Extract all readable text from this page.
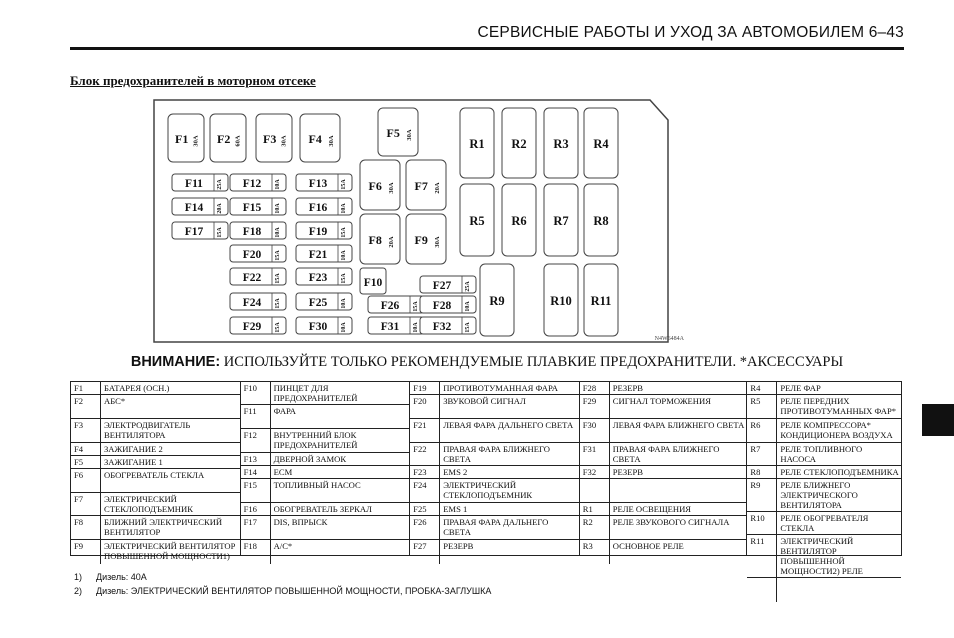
СЕРВИСНЫЕ РАБОТЫ И УХОД ЗА АВТОМОБИЛЕМ 6–43
Блок предохранителей в моторном отсеке
F1 30A F2 60A F3 30A F4 30A
F5 30A
F6 30A F7 20A
F8 20A F9 30A
F11 25A F12 10A F13 15A
F14 20A F15 10A F16 10A
F17 15A F18 10A F19 15A
F20 15A F21 10A
F22 15A F23 15A
F24 15A F25 10A
F29 15A F30 10A
F26 15A
F27 25A
F28 10A
F31 10A F32 15A
F10
R1 R2 R3 R4
R5 R6 R7 R8
R9	R10 R11
N4W6484A
ВНИМАНИЕ: ИСПОЛЬЗУЙТЕ ТОЛЬКО РЕКОМЕНДУЕМЫЕ ПЛАВКИЕ ПРЕДОХРАНИТЕЛИ. *АКСЕССУАРЫ
F1	БАТАРЕЯ (ОСН.)
F2	АБС*
F3	ЭЛЕКТРОДВИГАТЕЛЬ ВЕНТИЛЯТОРА
F4	ЗАЖИГАНИЕ 2
F5	ЗАЖИГАНИЕ 1
F6	ОБОГРЕВАТЕЛЬ СТЕКЛА
F7	ЭЛЕКТРИЧЕСКИЙ СТЕКЛОПОДЪЕМНИК
F8	БЛИЖНИЙ ЭЛЕКТРИЧЕСКИЙ ВЕНТИЛЯТОР
F9	ЭЛЕКТРИЧЕСКИЙ ВЕНТИЛЯТОР ПОВЫШЕННОЙ МОЩНОСТИ1)
F10	ПИНЦЕТ ДЛЯ ПРЕДОХРАНИТЕЛЕЙ
F11	ФАРА
F12	ВНУТРЕННИЙ БЛОК ПРЕДОХРАНИТЕЛЕЙ
F13	ДВЕРНОЙ ЗАМОК
F14	ECM
F15	ТОПЛИВНЫЙ НАСОС
F16	ОБОГРЕВАТЕЛЬ ЗЕРКАЛ
F17	DIS, ВПРЫСК
F18	A/C*
F19	ПРОТИВОТУМАННАЯ ФАРА
F20	ЗВУКОВОЙ СИГНАЛ
F21	ЛЕВАЯ ФАРА ДАЛЬНЕГО СВЕТА
F22	ПРАВАЯ ФАРА БЛИЖНЕГО СВЕТА
F23	EMS 2
F24	ЭЛЕКТРИЧЕСКИЙ СТЕКЛОПОДЪЕМНИК
F25	EMS 1
F26	ПРАВАЯ ФАРА ДАЛЬНЕГО СВЕТА
F27	РЕЗЕРВ
F28	РЕЗЕРВ
F29	СИГНАЛ ТОРМОЖЕНИЯ
F30	ЛЕВАЯ ФАРА БЛИЖНЕГО СВЕТА
F31	ПРАВАЯ ФАРА БЛИЖНЕГО СВЕТА
F32	РЕЗЕРВ

R1	РЕЛЕ ОСВЕЩЕНИЯ
R2	РЕЛЕ ЗВУКОВОГО СИГНАЛА
R3	ОСНОВНОЕ РЕЛЕ
R4	РЕЛЕ ФАР
R5	РЕЛЕ ПЕРЕДНИХ ПРОТИВОТУМАННЫХ ФАР*
R6	РЕЛЕ КОМПРЕССОРА* КОНДИЦИОНЕРА ВОЗДУХА
R7	РЕЛЕ ТОПЛИВНОГО НАСОСА
R8	РЕЛЕ СТЕКЛОПОДЪЕМНИКА
R9	РЕЛЕ БЛИЖНЕГО ЭЛЕКТРИЧЕСКОГО ВЕНТИЛЯТОРА
R10	РЕЛЕ ОБОГРЕВАТЕЛЯ СТЕКЛА
R11	ЭЛЕКТРИЧЕСКИЙ ВЕНТИЛЯТОР ПОВЫШЕННОЙ МОЩНОСТИ2) РЕЛЕ

1) Дизель: 40А
2) Дизель: ЭЛЕКТРИЧЕСКИЙ ВЕНТИЛЯТОР ПОВЫШЕННОЙ МОЩНОСТИ, ПРОБКА-ЗАГЛУШКА
